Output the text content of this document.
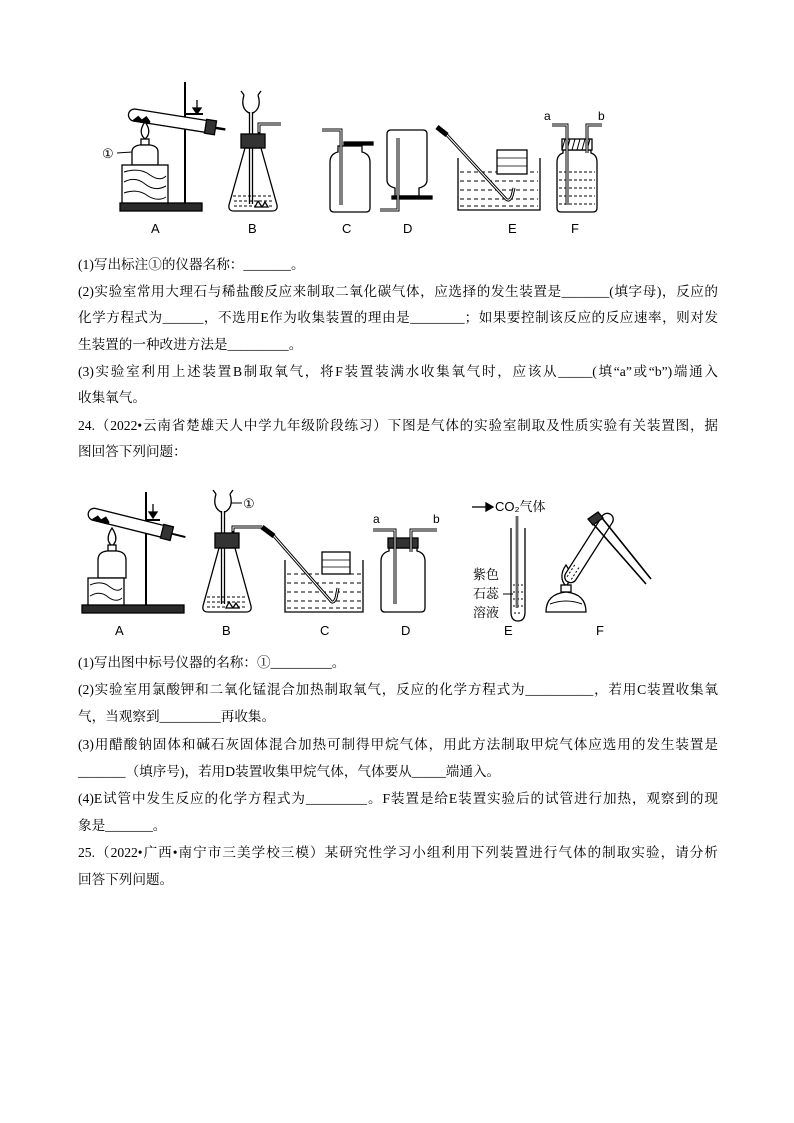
①
a	b
A	B	C	D	E	F
(1)写出标注①的仪器名称：_______。
(2)实验室常用大理石与稀盐酸反应来制取二氧化碳气体，应选择的发生装置是_______(填字母)，反应的
化学方程式为______，不选用E作为收集装置的理由是________；如果要控制该反应的反应速率，则对发
生装置的一种改进方法是_________。
(3)实验室利用上述装置B制取氧气，将F装置装满水收集氧气时，应该从_____(填“a”或“b”)端通入
收集氧气。
24.（2022•云南省楚雄天人中学九年级阶段练习）下图是气体的实验室制取及性质实验有关装置图，据
图回答下列问题：
①
a	b
CO₂气体
紫色
石蕊
溶液
A	B	C	D	E	F
(1)写出图中标号仪器的名称：①_________。
(2)实验室用氯酸钾和二氧化锰混合加热制取氧气，反应的化学方程式为__________，若用C装置收集氧
气，当观察到_________再收集。
(3)用醋酸钠固体和碱石灰固体混合加热可制得甲烷气体，用此方法制取甲烷气体应选用的发生装置是
_______（填序号)，若用D装置收集甲烷气体，气体要从_____端通入。
(4)E试管中发生反应的化学方程式为_________。F装置是给E装置实验后的试管进行加热，观察到的现
象是_______。
25.（2022•广西•南宁市三美学校三模）某研究性学习小组利用下列装置进行气体的制取实验，请分析
回答下列问题。
